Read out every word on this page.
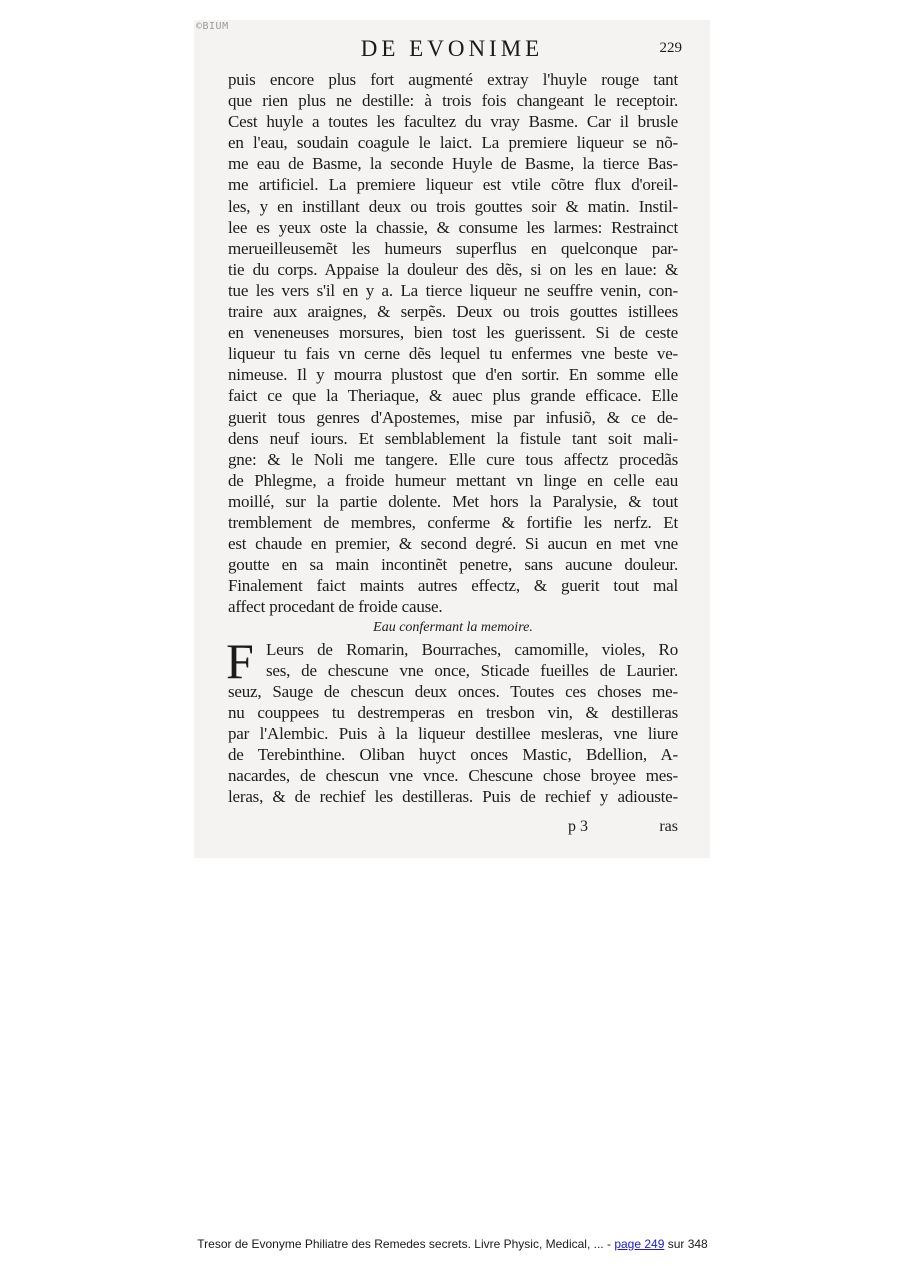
©BIUM
DE EVONIME	229
puis encore plus fort augmenté extray l'huyle rouge tant
que rien plus ne destille: à trois fois changeant le receptoir.
Cest huyle a toutes les facultez du vray Basme. Car il brusle
en l'eau, soudain coagule le laict. La premiere liqueur se nõ-
me eau de Basme, la seconde Huyle de Basme, la tierce Bas-
me artificiel. La premiere liqueur est vtile cõtre flux d'oreil-
les, y en instillant deux ou trois gouttes soir & matin. Instil-
lee es yeux oste la chassie, & consume les larmes: Restrainct
merueilleusemẽt les humeurs superflus en quelconque par-
tie du corps. Appaise la douleur des dẽs, si on les en laue: &
tue les vers s'il en y a. La tierce liqueur ne seuffre venin, con-
traire aux araignes, & serpẽs. Deux ou trois gouttes istillees
en veneneuses morsures, bien tost les guerissent. Si de ceste
liqueur tu fais vn cerne dẽs lequel tu enfermes vne beste ve-
nimeuse. Il y mourra plustost que d'en sortir. En somme elle
faict ce que la Theriaque, & auec plus grande efficace. Elle
guerit tous genres d'Apostemes, mise par infusiõ, & ce de-
dens neuf iours. Et semblablement la fistule tant soit mali-
gne: & le Noli me tangere. Elle cure tous affectz procedãs
de Phlegme, a froide humeur mettant vn linge en celle eau
moillé, sur la partie dolente. Met hors la Paralysie, & tout
tremblement de membres, conferme & fortifie les nerfz. Et
est chaude en premier, & second degré. Si aucun en met vne
goutte en sa main incontinẽt penetre, sans aucune douleur.
Finalement faict maints autres effectz, & guerit tout mal
affect procedant de froide cause.
Eau confermant la memoire.
F Leurs de Romarin, Bourraches, camomille, violes, Ro
ses, de chescune vne once, Sticade fueilles de Laurier.
seuz, Sauge de chescun deux onces. Toutes ces choses me-
nu couppees tu destremperas en tresbon vin, & destilleras
par l'Alembic. Puis à la liqueur destillee mesleras, vne liure
de Terebinthine. Oliban huyct onces Mastic, Bdellion, A-
nacardes, de chescun vne vnce. Chescune chose broyee mes-
leras, & de rechief les destilleras. Puis de rechief y adiouste-
p 3	ras
Tresor de Evonyme Philiatre des Remedes secrets. Livre Physic, Medical, ... - page 249 sur 348
